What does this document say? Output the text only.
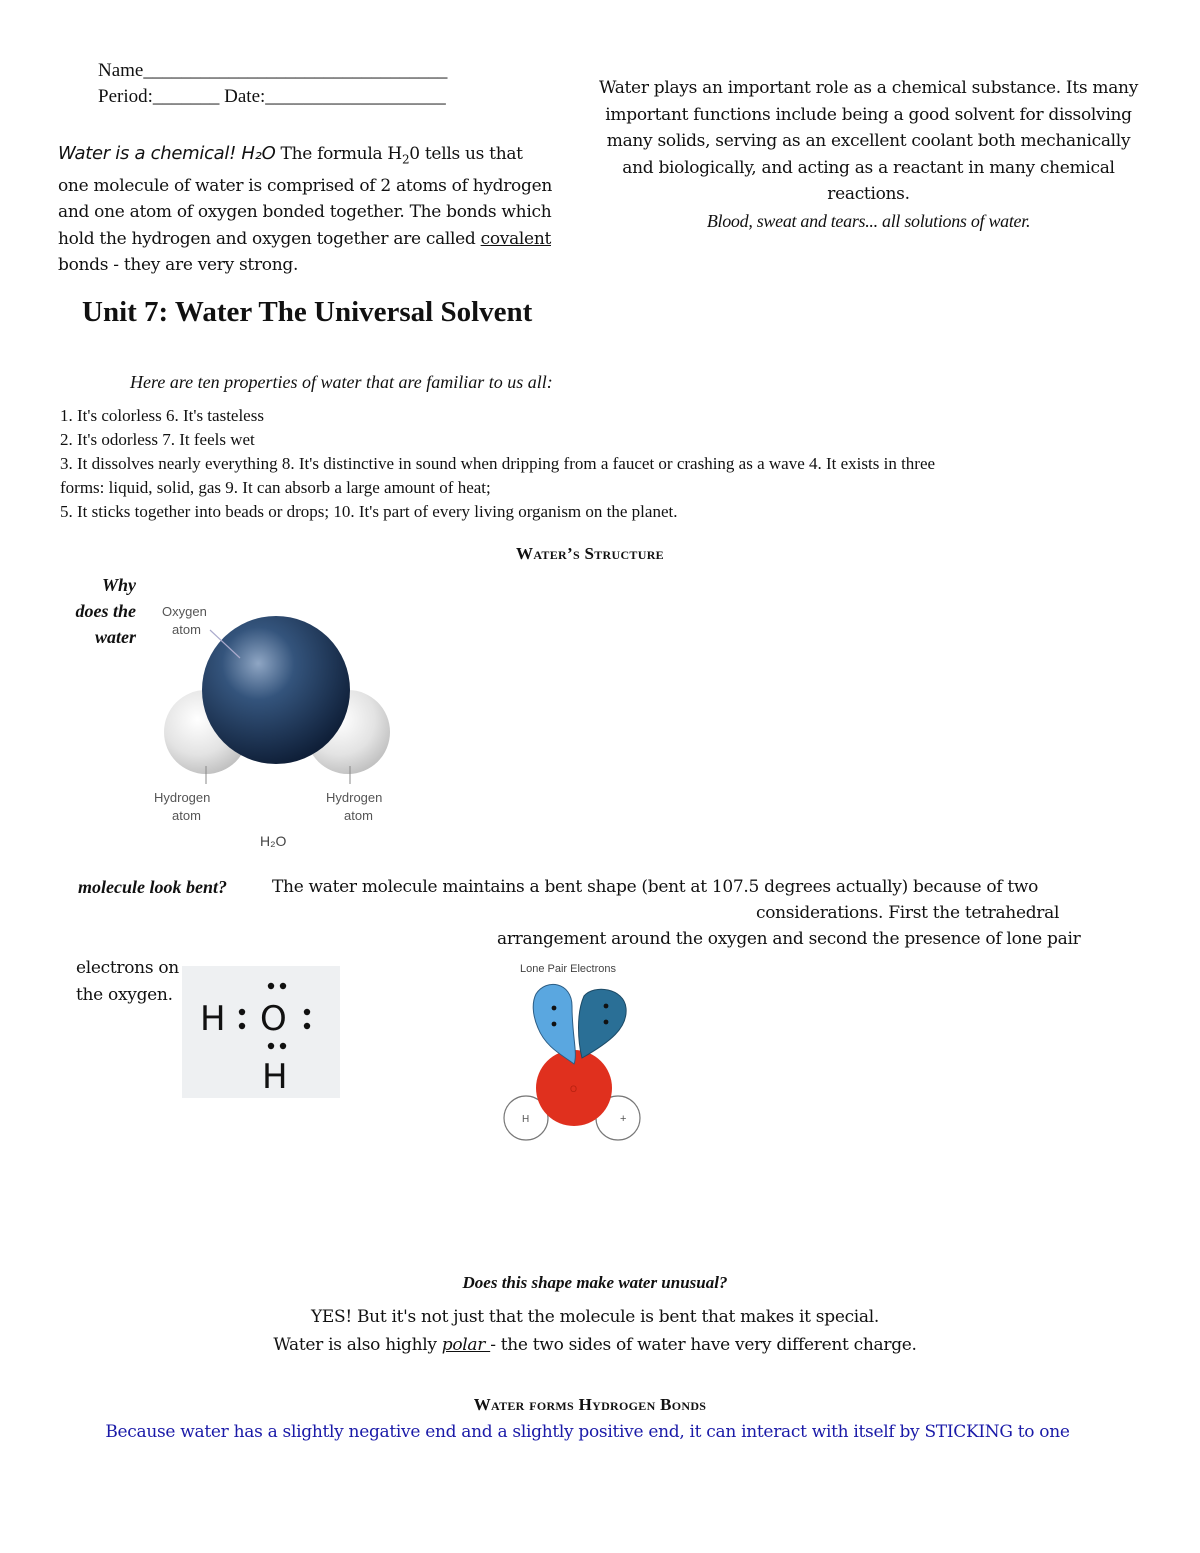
Name________________________________
Period:_______ Date:___________________
Water is a chemical! H₂O The formula $H_20$ tells us that one molecule of water is comprised of 2 atoms of hydrogen and one atom of oxygen bonded together. The bonds which hold the hydrogen and oxygen together are called covalent bonds - they are very strong.
Water plays an important role as a chemical substance. Its many important functions include being a good solvent for dissolving many solids, serving as an excellent coolant both mechanically and biologically, and acting as a reactant in many chemical reactions.
Blood, sweat and tears... all solutions of water.
Unit 7: Water The Universal Solvent
Here are ten properties of water that are familiar to us all:
1. It's colorless 6. It's tasteless
2. It's odorless 7. It feels wet
3. It dissolves nearly everything 8. It's distinctive in sound when dripping from a faucet or crashing as a wave 4. It exists in three
forms: liquid, solid, gas 9. It can absorb a large amount of heat;
5. It sticks together into beads or drops; 10. It's part of every living organism on the planet.
Water’s Structure
Why
does the
water
Oxygen
atom
Hydrogen
atom
Hydrogen
atom
H₂O
molecule look bent?	The water molecule maintains a bent shape (bent at 107.5 degrees actually) because of two
considerations. First the tetrahedral
arrangement around the oxygen and second the presence of lone pair
electrons on
the oxygen.
H O
H
Lone Pair Electrons
O
H	+
Does this shape make water unusual?
YES! But it's not just that the molecule is bent that makes it special.
Water is also highly polar - the two sides of water have very different charge.
Water forms Hydrogen Bonds
Because water has a slightly negative end and a slightly positive end, it can interact with itself by STICKING to one
